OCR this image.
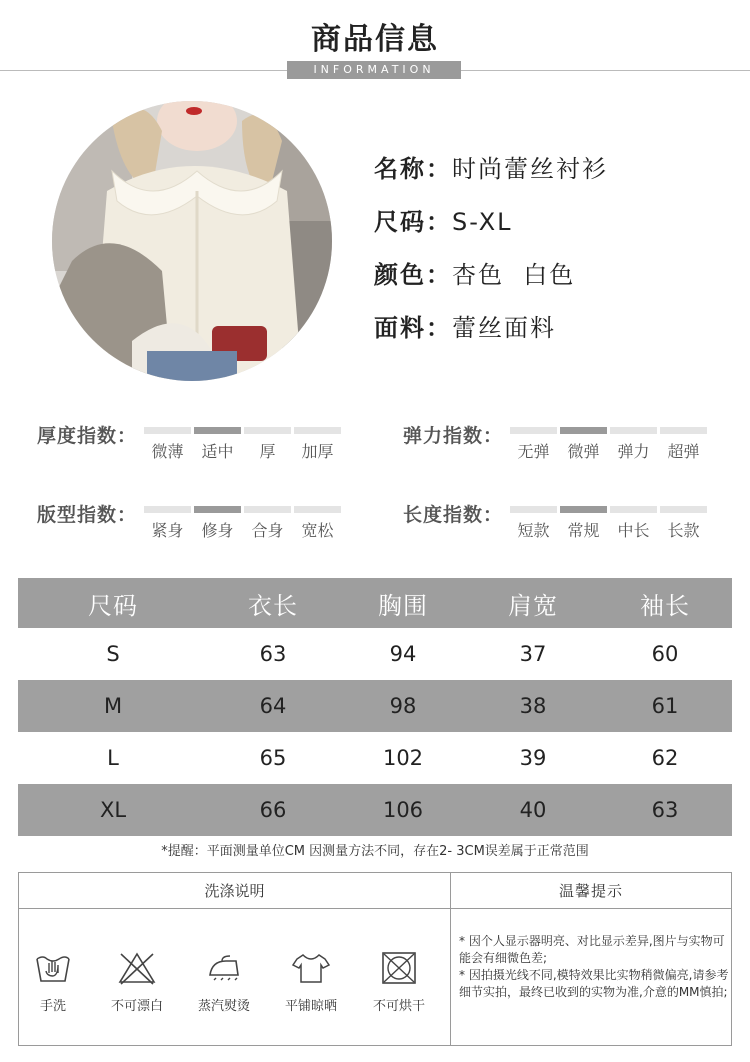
商品信息
INFORMATION
名称：时尚蕾丝衬衫
尺码：S-XL
颜色：杏色  白色
面料：蕾丝面料
厚度指数：
微薄	适中	厚	加厚
弹力指数：
无弹	微弹	弹力	超弹
版型指数：
紧身	修身	合身	宽松
长度指数：
短款	常规	中长	长款
尺码	衣长	胸围	肩宽	袖长
S	63	94	37	60
M	64	98	38	61
L	65	102	39	62
XL	66	106	40	63
*提醒：平面测量单位CM 因测量方法不同，存在2- 3CM误差属于正常范围
洗涤说明	温馨提示
手洗	不可漂白	蒸汽熨烫	平铺晾晒	不可烘干
* 因个人显示器明亮、对比显示差异,图片与实物可能会有细微色差;
* 因拍摄光线不同,模特效果比实物稍微偏亮,请参考细节实拍，最终已收到的实物为准,介意的MM慎拍;
